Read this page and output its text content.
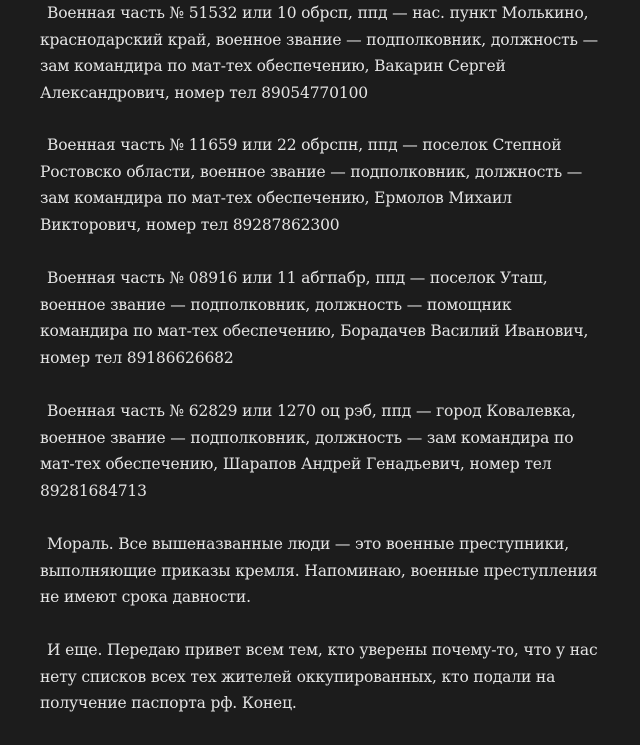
Военная часть № 51532 или 10 обрсп, ппд — нас. пункт Молькино, краснодарский край, военное звание — подполковник, должность — зам командира по мат-тех обеспечению, Вакарин Сергей Александрович, номер тел 89054770100

Военная часть № 11659 или 22 обрспн, ппд — поселок Степной Ростовско области, военное звание — подполковник, должность — зам командира по мат-тех обеспечению, Ермолов Михаил Викторович, номер тел 89287862300

Военная часть № 08916 или 11 абгпабр, ппд — поселок Уташ, военное звание — подполковник, должность — помощник командира по мат-тех обеспечению, Борадачев Василий Иванович, номер тел 89186626682

Военная часть № 62829 или 1270 оц рэб, ппд — город Ковалевка, военное звание — подполковник, должность — зам командира по мат-тех обеспечению, Шарапов Андрей Генадьевич, номер тел 89281684713

Мораль. Все вышеназванные люди — это военные преступники, выполняющие приказы кремля. Напоминаю, военные преступления не имеют срока давности.

И еще. Передаю привет всем тем, кто уверены почему-то, что у нас нету списков всех тех жителей оккупированных, кто подали на получение паспорта рф. Конец.
